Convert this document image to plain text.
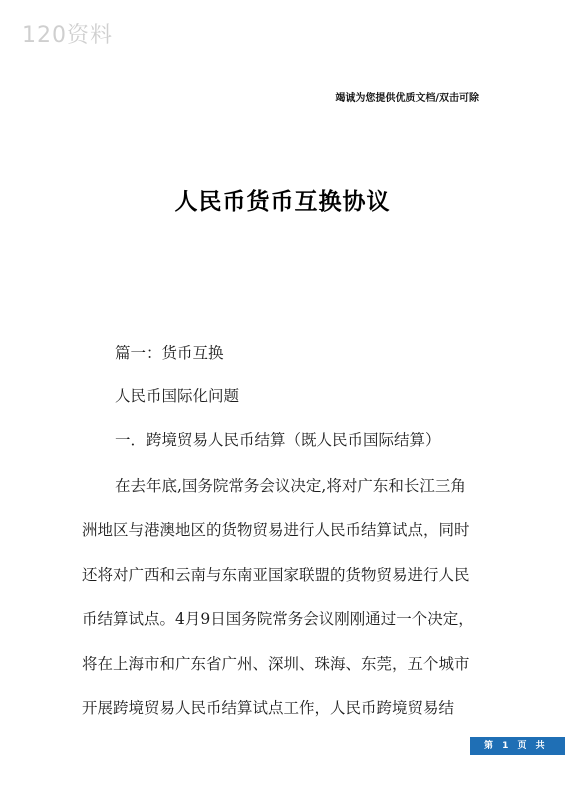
120资料
竭诚为您提供优质文档/双击可除
人民币货币互换协议
篇一：货币互换
人民币国际化问题
一．跨境贸易人民币结算（既人民币国际结算）
在去年底,国务院常务会议决定,将对广东和长江三角
洲地区与港澳地区的货物贸易进行人民币结算试点，同时
还将对广西和云南与东南亚国家联盟的货物贸易进行人民
币结算试点。4月9日国务院常务会议刚刚通过一个决定，
将在上海市和广东省广州、深圳、珠海、东莞，五个城市
开展跨境贸易人民币结算试点工作，人民币跨境贸易结
第 1 页 共
